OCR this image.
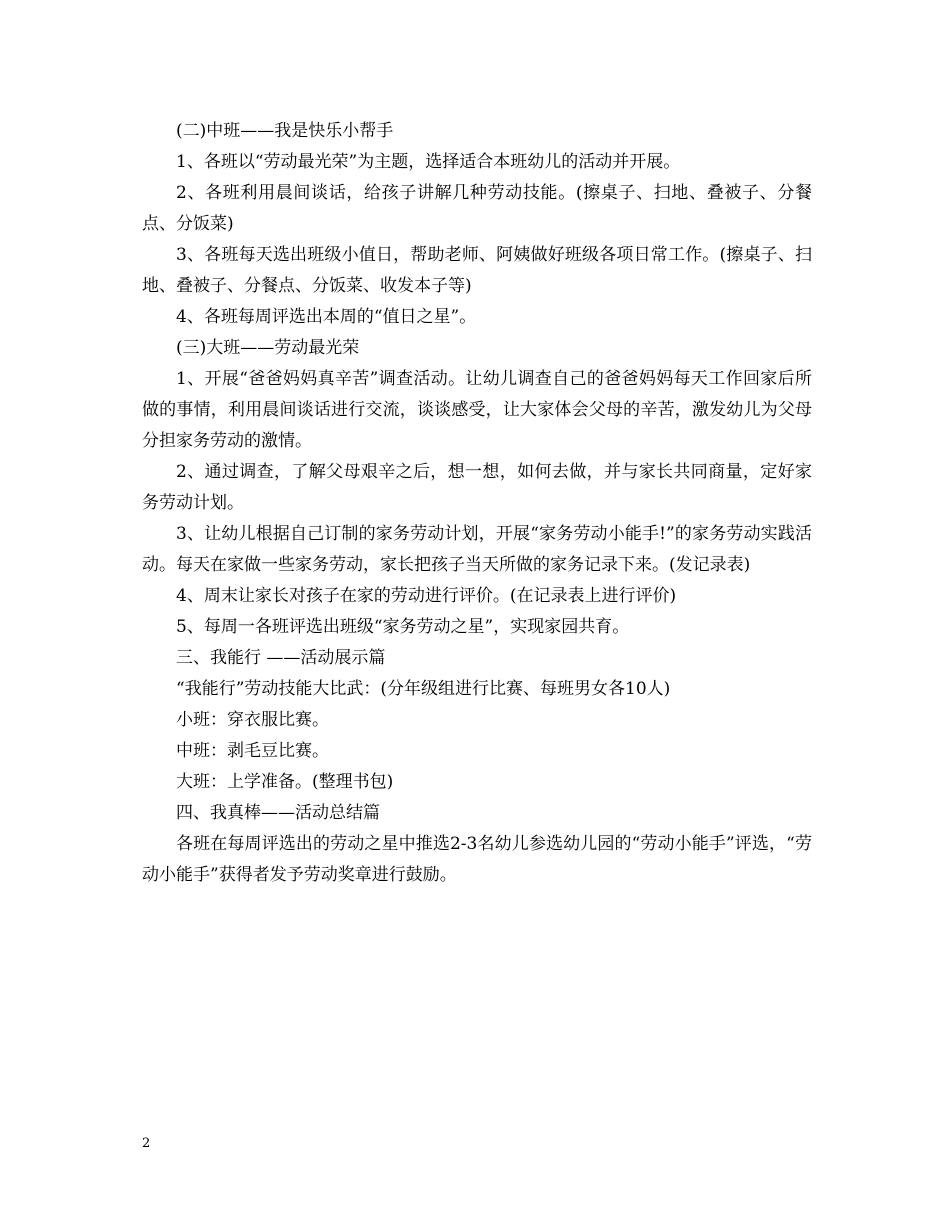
(二)中班——我是快乐小帮手

1、各班以“劳动最光荣”为主题，选择适合本班幼儿的活动并开展。

2、各班利用晨间谈话，给孩子讲解几种劳动技能。(擦桌子、扫地、叠被子、分餐点、分饭菜)

3、各班每天选出班级小值日，帮助老师、阿姨做好班级各项日常工作。(擦桌子、扫地、叠被子、分餐点、分饭菜、收发本子等)

4、各班每周评选出本周的“值日之星”。

(三)大班——劳动最光荣

1、开展“爸爸妈妈真辛苦”调查活动。让幼儿调查自己的爸爸妈妈每天工作回家后所做的事情，利用晨间谈话进行交流，谈谈感受，让大家体会父母的辛苦，激发幼儿为父母分担家务劳动的激情。

2、通过调查，了解父母艰辛之后，想一想，如何去做，并与家长共同商量，定好家务劳动计划。

3、让幼儿根据自己订制的家务劳动计划，开展“家务劳动小能手!”的家务劳动实践活动。每天在家做一些家务劳动，家长把孩子当天所做的家务记录下来。(发记录表)

4、周末让家长对孩子在家的劳动进行评价。(在记录表上进行评价)

5、每周一各班评选出班级“家务劳动之星”，实现家园共育。

三、我能行 ——活动展示篇

“我能行”劳动技能大比武：(分年级组进行比赛、每班男女各10人)

小班：穿衣服比赛。

中班：剥毛豆比赛。

大班：上学准备。(整理书包)

四、我真棒——活动总结篇

各班在每周评选出的劳动之星中推选2-3名幼儿参选幼儿园的“劳动小能手”评选，“劳动小能手”获得者发予劳动奖章进行鼓励。

2
